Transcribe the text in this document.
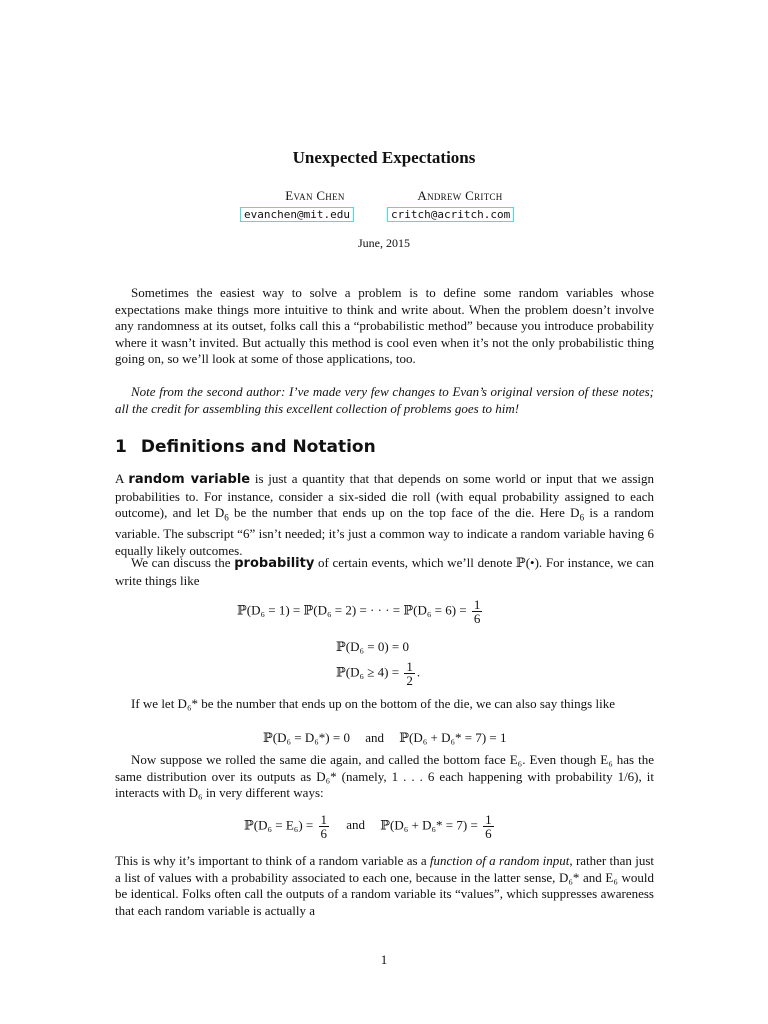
Unexpected Expectations
Evan Chen	Andrew Critch
evanchen@mit.edu	critch@acritch.com
June, 2015
Sometimes the easiest way to solve a problem is to define some random variables whose expectations make things more intuitive to think and write about. When the problem doesn’t involve any randomness at its outset, folks call this a “probabilistic method” because you introduce probability where it wasn’t invited. But actually this method is cool even when it’s not the only probabilistic thing going on, so we’ll look at some of those applications, too.
Note from the second author: I’ve made very few changes to Evan’s original version of these notes; all the credit for assembling this excellent collection of problems goes to him!
1 Definitions and Notation
A random variable is just a quantity that that depends on some world or input that we assign probabilities to. For instance, consider a six-sided die roll (with equal probability assigned to each outcome), and let $D_6$ be the number that ends up on the top face of the die. Here $D_6$ is a random variable. The subscript “6” isn’t needed; it’s just a common way to indicate a random variable having 6 equally likely outcomes.
We can discuss the probability of certain events, which we’ll denote ℙ(•). For instance, we can write things like
ℙ(D₆ = 1) = ℙ(D₆ = 2) = · · · = ℙ(D₆ = $6) = \frac{1}{6}$
ℙ(D₆ = 0) = 0
ℙ(D₆ ≥ $4) = \frac{1}{2}$ .
If we let D₆* be the number that ends up on the bottom of the die, we can also say things like
ℙ(D₆ = D₆*) = 0 and ℙ(D₆ + D₆* = 7) = 1
Now suppose we rolled the same die again, and called the bottom face E₆. Even though E₆ has the same distribution over its outputs as D₆* (namely, 1 . . . 6 each happening with probability 1/6), it interacts with D₆ in very different ways:
ℙ(D₆ = $E_6) = \frac{1}{6}$ and ℙ(D₆ + $D_6* = 7) = \frac{1}{6}$
This is why it’s important to think of a random variable as a function of a random input, rather than just a list of values with a probability associated to each one, because in the latter sense, D₆* and E₆ would be identical. Folks often call the outputs of a random variable its “values”, which suppresses awareness that each random variable is actually a
1
